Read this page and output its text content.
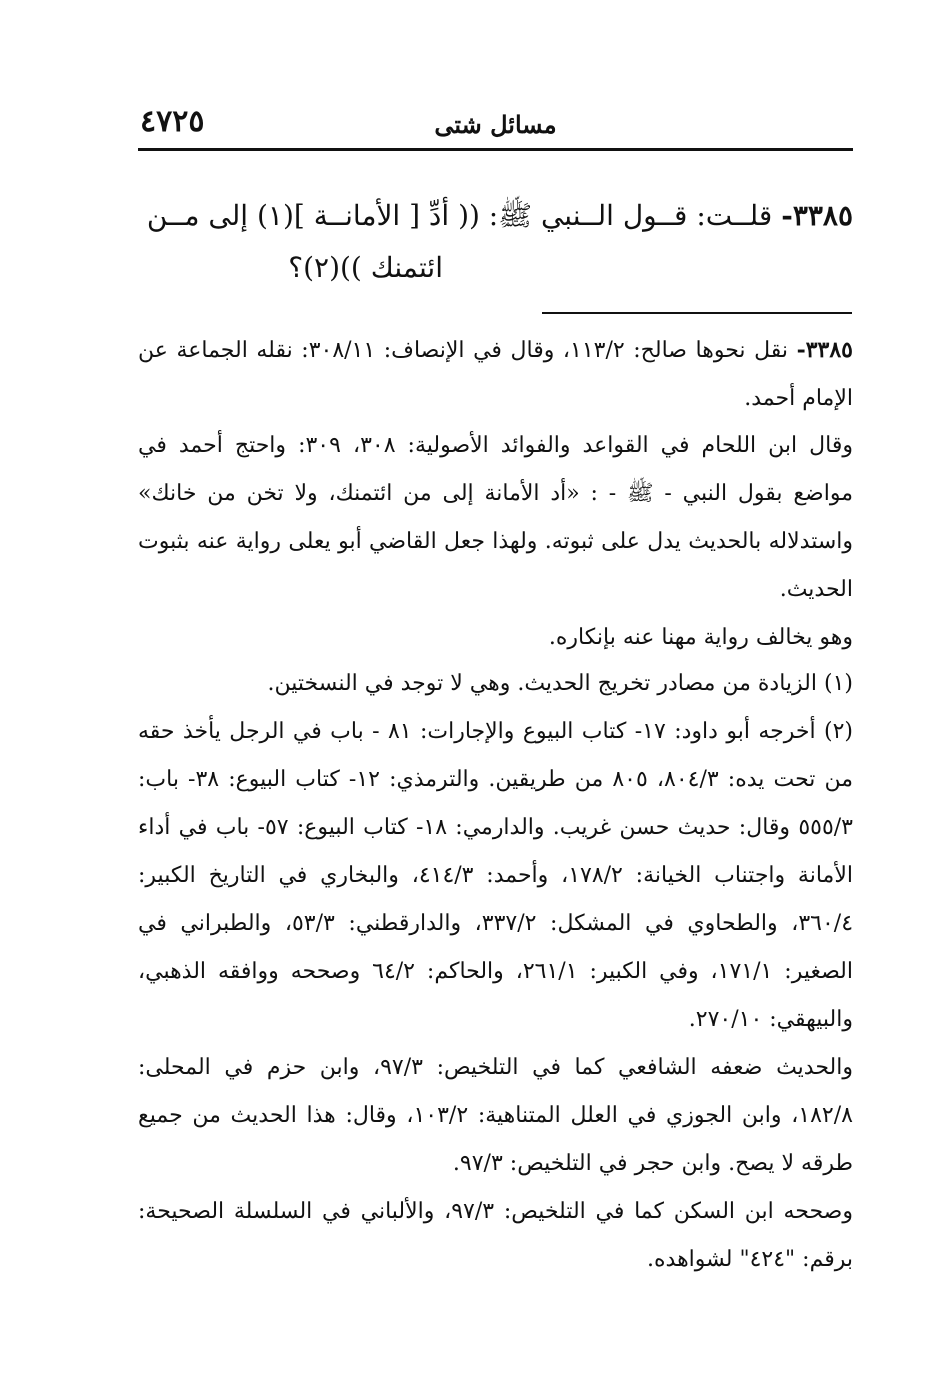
مسائل شتى
٤٧٢٥
٣٣٨٥- قلــت: قــول الــنبي ﷺ: (( أدِّ [ الأمانــة ](١) إلى مــن
ائتمنك ))(٢)؟
٣٣٨٥- نقل نحوها صالح: ١١٣/٢، وقال في الإنصاف: ٣٠٨/١١: نقله الجماعة عن الإمام أحمد.
وقال ابن اللحام في القواعد والفوائد الأصولية: ٣٠٨، ٣٠٩: واحتج أحمد في مواضع بقول النبي - ﷺ - : «أد الأمانة إلى من ائتمنك، ولا تخن من خانك» واستدلاله بالحديث يدل على ثبوته. ولهذا جعل القاضي أبو يعلى رواية عنه بثبوت الحديث.
وهو يخالف رواية مهنا عنه بإنكاره.
(١) الزيادة من مصادر تخريج الحديث. وهي لا توجد في النسختين.
(٢) أخرجه أبو داود: ١٧- كتاب البيوع والإجارات: ٨١ - باب في الرجل يأخذ حقه من تحت يده: ٨٠٤/٣، ٨٠٥ من طريقين. والترمذي: ١٢- كتاب البيوع: ٣٨- باب: ٥٥٥/٣ وقال: حديث حسن غريب. والدارمي: ١٨- كتاب البيوع: ٥٧- باب في أداء الأمانة واجتناب الخيانة: ١٧٨/٢، وأحمد: ٤١٤/٣، والبخاري في التاريخ الكبير: ٣٦٠/٤، والطحاوي في المشكل: ٣٣٧/٢، والدارقطني: ٥٣/٣، والطبراني في الصغير: ١٧١/١، وفي الكبير: ٢٦١/١، والحاكم: ٦٤/٢ وصححه ووافقه الذهبي، والبيهقي: ٢٧٠/١٠.
والحديث ضعفه الشافعي كما في التلخيص: ٩٧/٣، وابن حزم في المحلى: ١٨٢/٨، وابن الجوزي في العلل المتناهية: ١٠٣/٢، وقال: هذا الحديث من جميع طرقه لا يصح. وابن حجر في التلخيص: ٩٧/٣.
وصححه ابن السكن كما في التلخيص: ٩٧/٣، والألباني في السلسلة الصحيحة: برقم: "٤٢٤" لشواهده.
